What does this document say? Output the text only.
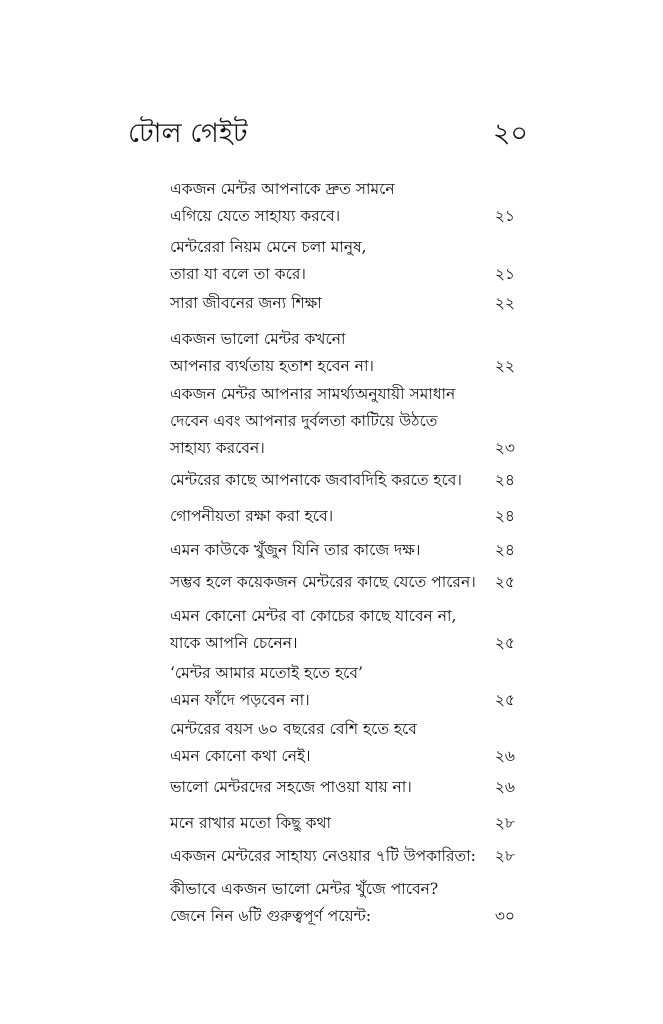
টোল গেইট	২০
একজন মেন্টর আপনাকে দ্রুত সামনে
এগিয়ে যেতে সাহায্য করবে।	২১
মেন্টরেরা নিয়ম মেনে চলা মানুষ,
তারা যা বলে তা করে।	২১
সারা জীবনের জন্য শিক্ষা	২২
একজন ভালো মেন্টর কখনো
আপনার ব্যর্থতায় হতাশ হবেন না।	২২
একজন মেন্টর আপনার সামর্থ্যঅনুযায়ী সমাধান
দেবেন এবং আপনার দুর্বলতা কাটিয়ে উঠতে
সাহায্য করবেন।	২৩
মেন্টরের কাছে আপনাকে জবাবদিহি করতে হবে।	২৪
গোপনীয়তা রক্ষা করা হবে।	২৪
এমন কাউকে খুঁজুন যিনি তার কাজে দক্ষ।	২৪
সম্ভব হলে কয়েকজন মেন্টরের কাছে যেতে পারেন।	২৫
এমন কোনো মেন্টর বা কোচের কাছে যাবেন না,
যাকে আপনি চেনেন।	২৫
‘মেন্টর আমার মতোই হতে হবে’
এমন ফাঁদে পড়বেন না।	২৫
মেন্টরের বয়স ৬০ বছরের বেশি হতে হবে
এমন কোনো কথা নেই।	২৬
ভালো মেন্টরদের সহজে পাওয়া যায় না।	২৬
মনে রাখার মতো কিছু কথা	২৮
একজন মেন্টরের সাহায্য নেওয়ার ৭টি উপকারিতা:	২৮
কীভাবে একজন ভালো মেন্টর খুঁজে পাবেন?
জেনে নিন ৬টি গুরুত্বপূর্ণ পয়েন্ট:	৩০
